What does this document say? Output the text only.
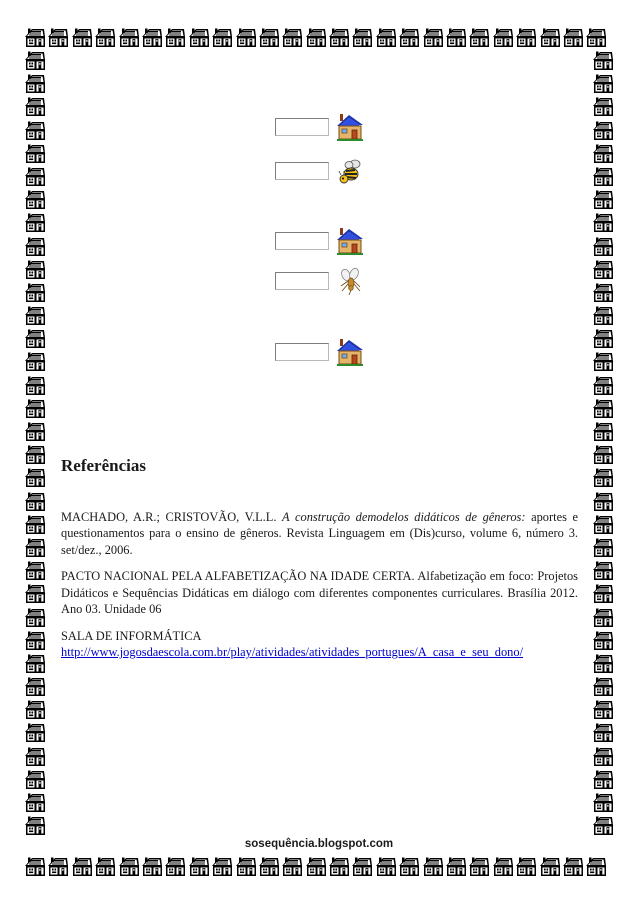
Referências

MACHADO, A.R.; CRISTOVÃO, V.L.L. A construção demodelos didáticos de gêneros: aportes e questionamentos para o ensino de gêneros. Revista Linguagem em (Dis)curso, volume 6, número 3. set/dez., 2006.

PACTO NACIONAL PELA ALFABETIZAÇÃO NA IDADE CERTA. Alfabetização em foco: Projetos Didáticos e Sequências Didáticas em diálogo com diferentes componentes curriculares. Brasília 2012. Ano 03. Unidade 06

SALA DE INFORMÁTICA
http://www.jogosdaescola.com.br/play/atividades/atividades_portugues/A_casa_e_seu_dono/

sosequência.blogspot.com
